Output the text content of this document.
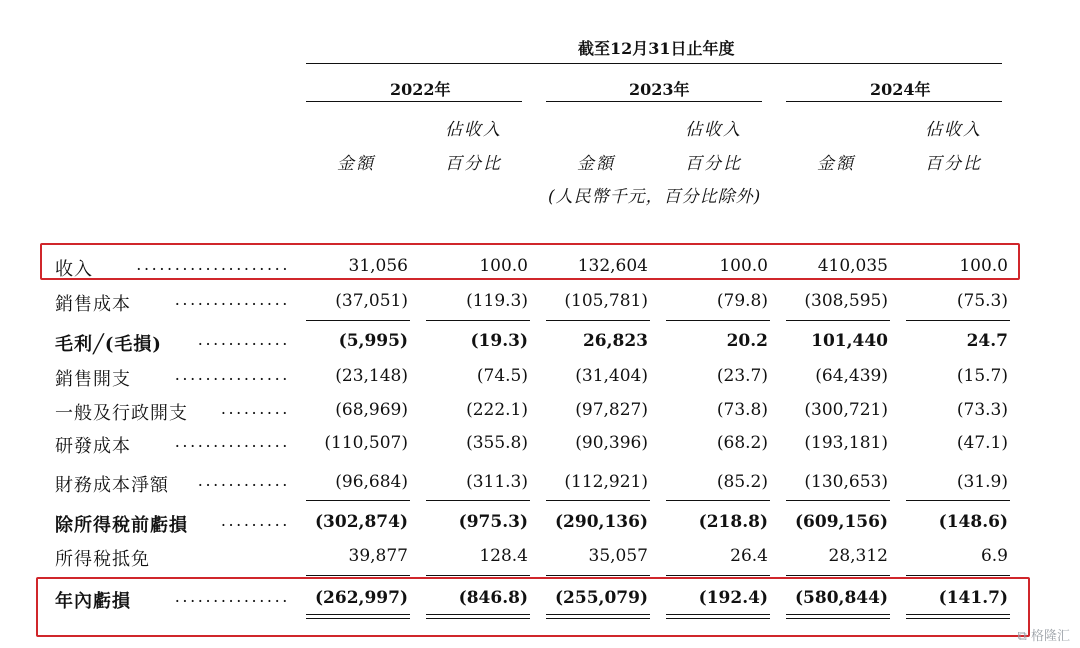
截至12月31日止年度
2022年	2023年	2024年
佔收入	佔收入	佔收入
金額	百分比	金額	百分比	金額	百分比
(人民幣千元，百分比除外)
收入	....................	31,056	100.0	132,604	100.0	410,035	100.0
銷售成本	...............	(37,051)	(119.3) (105,781)	(79.8) (308,595)	(75.3)
毛利╱(毛損) ............	(5,995)	(19.3)	26,823	20.2	101,440	24.7
銷售開支	...............	(23,148)	(74.5)	(31,404)	(23.7)	(64,439)	(15.7)
一般及行政開支 .........	(68,969)	(222.1)	(97,827)	(73.8) (300,721)	(73.3)
研發成本	............... (110,507)	(355.8)	(90,396)	(68.2) (193,181)	(47.1)
財務成本淨額 ............	(96,684)	(311.3) (112,921)	(85.2) (130,653)	(31.9)
除所得稅前虧損 ......... (302,874)	(975.3) (290,136)	(218.8) (609,156)	(148.6)
所得稅抵免	39,877	128.4	35,057	26.4	28,312	6.9
年內虧損	............... (262,997)	(846.8) (255,079)	(192.4) (580,844)	(141.7)
⧉ 格隆汇
